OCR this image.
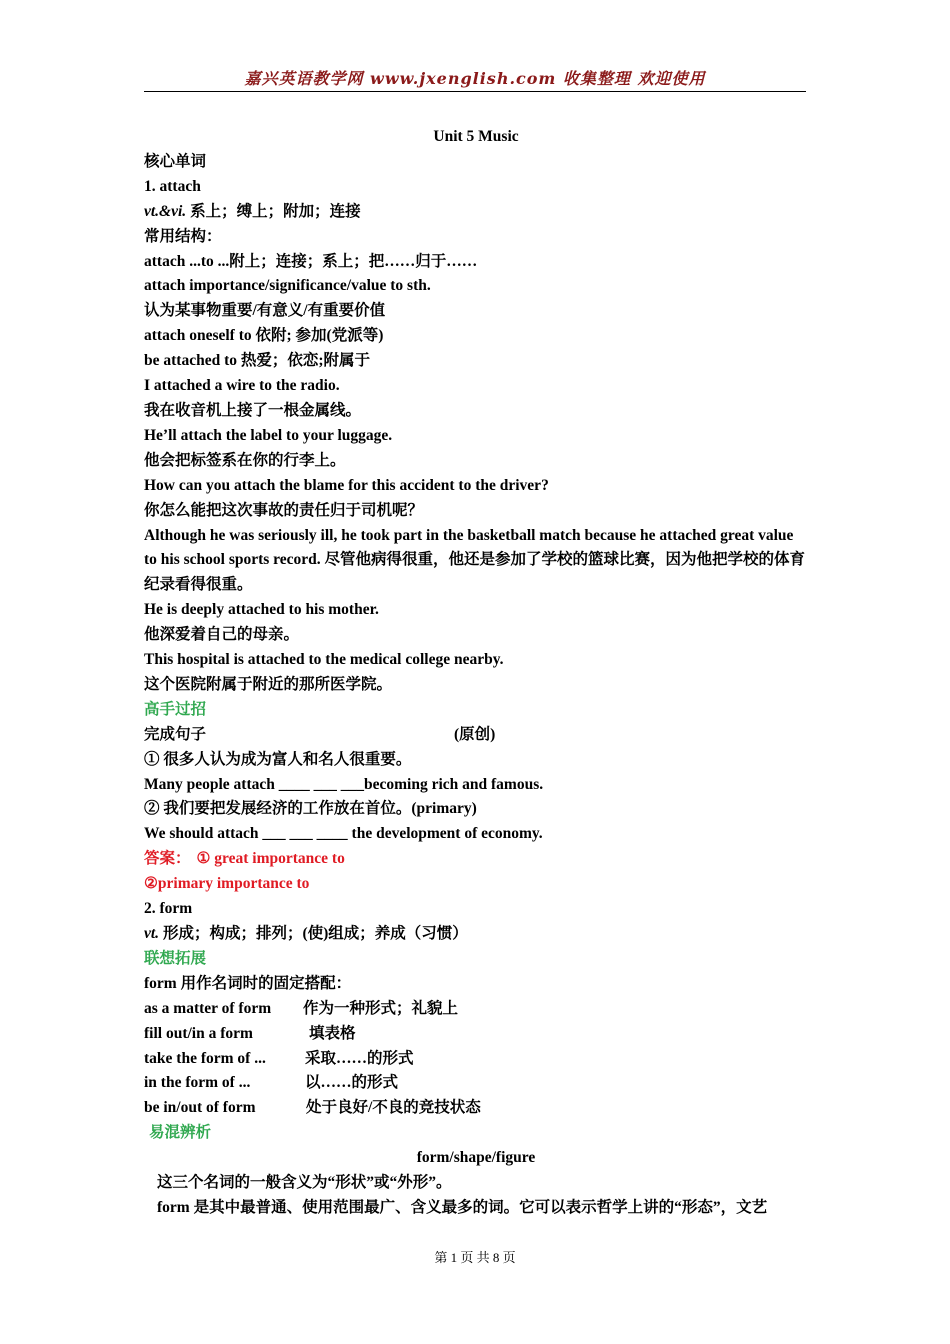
嘉兴英语教学网 www.jxenglish.com 收集整理 欢迎使用
Unit 5 Music
核心单词
1. attach
vt.&vi. 系上；缚上；附加；连接
常用结构：
attach ...to ...附上；连接；系上；把……归于……
attach importance/significance/value to sth.
认为某事物重要/有意义/有重要价值
attach oneself to 依附; 参加(党派等)
be attached to 热爱；依恋;附属于
I attached a wire to the radio.
我在收音机上接了一根金属线。
He’ll attach the label to your luggage.
他会把标签系在你的行李上。
How can you attach the blame for this accident to the driver?
你怎么能把这次事故的责任归于司机呢？
Although he was seriously ill, he took part in the basketball match because he attached great value to his school sports record. 尽管他病得很重，他还是参加了学校的篮球比赛，因为他把学校的体育纪录看得很重。
He is deeply attached to his mother.
他深爱着自己的母亲。
This hospital is attached to the medical college nearby.
这个医院附属于附近的那所医学院。
高手过招
完成句子	(原创)
① 很多人认为成为富人和名人很重要。
Many people attach ____ ___ ___becoming rich and famous.
② 我们要把发展经济的工作放在首位。(primary)
We should attach ___ ___ ____ the development of economy.
答案： ① great importance to
②primary importance to
2. form
vt. 形成；构成；排列；(使)组成；养成（习惯）
联想拓展
form 用作名词时的固定搭配：
as a matter of form 作为一种形式；礼貌上
fill out/in a form	填表格
take the form of ...	采取……的形式
in the form of ...	以……的形式
be in/out of form	处于良好/不良的竞技状态
易混辨析
form/shape/figure
这三个名词的一般含义为“形状”或“外形”。
form 是其中最普通、使用范围最广、含义最多的词。它可以表示哲学上讲的“形态”，文艺
第 1 页 共 8 页
